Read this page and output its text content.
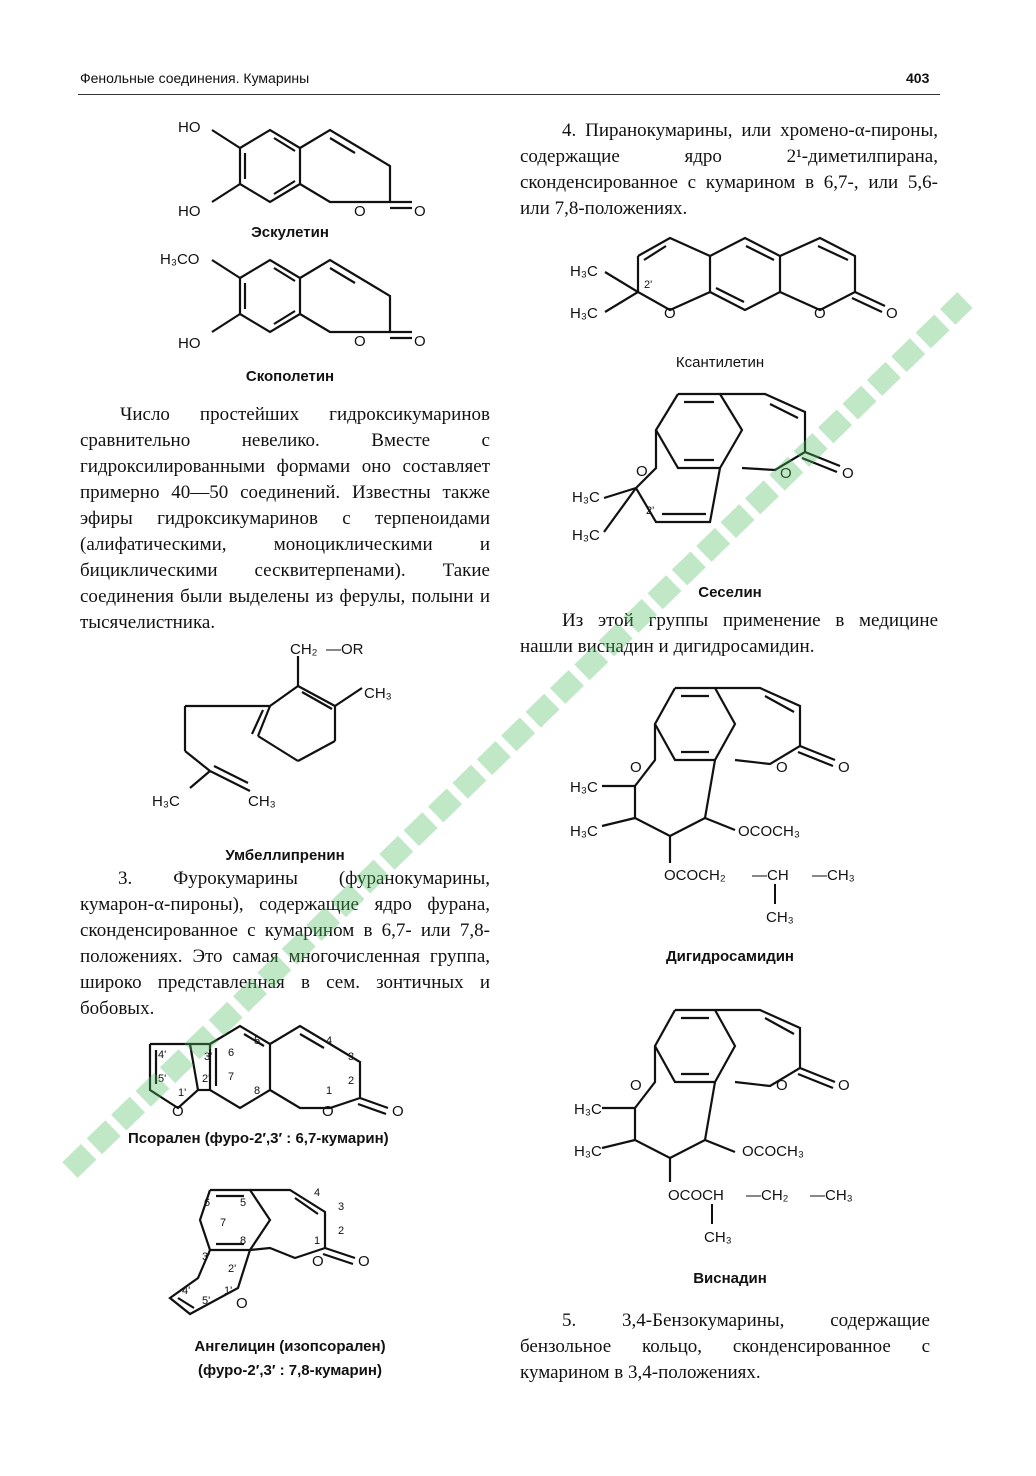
Фенольные соединения. Кумарины	403
HO
HO	O	O
Эскулетин
H₃CO
HO	O	O
Скополетин
Число простейших гидроксикумаринов сравнительно невелико. Вместе с гидроксилированными формами оно составляет примерно 40—50 соединений. Известны также эфиры гидроксикумаринов с терпеноидами (алифатическими, моноциклическими и бициклическими сесквитерпенами). Такие соединения были выделены из ферулы, полыни и тысячелистника.
CH₂ —OR
CH₃
H₃C	CH₃
Умбеллипренин
3. Фурокумарины (фуранокумарины, кумарон-α-пироны), содержащие ядро фурана, сконденсированное с кумарином в 6,7- или 7,8-положениях. Это самая многочисленная группа, широко представленная в сем. зонтичных и бобовых.
4'
5'
1'
3'
2'
6
7
5
8
4
3
2
1
O	O	O
Псорален (фуро-2′,3′ : 6,7-кумарин)
6	5
4
3
7
8
2
1
3'
2'
4'	1'
5' O
O O
Ангелицин (изопсорален)
(фуро-2′,3′ : 7,8-кумарин)
4. Пиранокумарины, или хромено-α-пироны, содержащие ядро 2¹-диметилпирана, сконденсированное с кумарином в 6,7-, или 5,6- или 7,8-положениях.
H₃C
H₃C
2'
O	O	O
Ксантилетин
O	O	O
H₃C
H₃C
2'
Сеселин
Из этой группы применение в медицине нашли виснадин и дигидросамидин.
O	O	O
H₃C
H₃C	OCOCH₃
OCOCH₂ —CH —CH₃
CH₃
Дигидросамидин
O	O	O
H₃C
H₃C	OCOCH₃
OCOCH —CH₂ —CH₃
CH₃
Виснадин
5. 3,4-Бензокумарины, содержащие бензольное кольцо, сконденсированное с кумарином в 3,4-положениях.
